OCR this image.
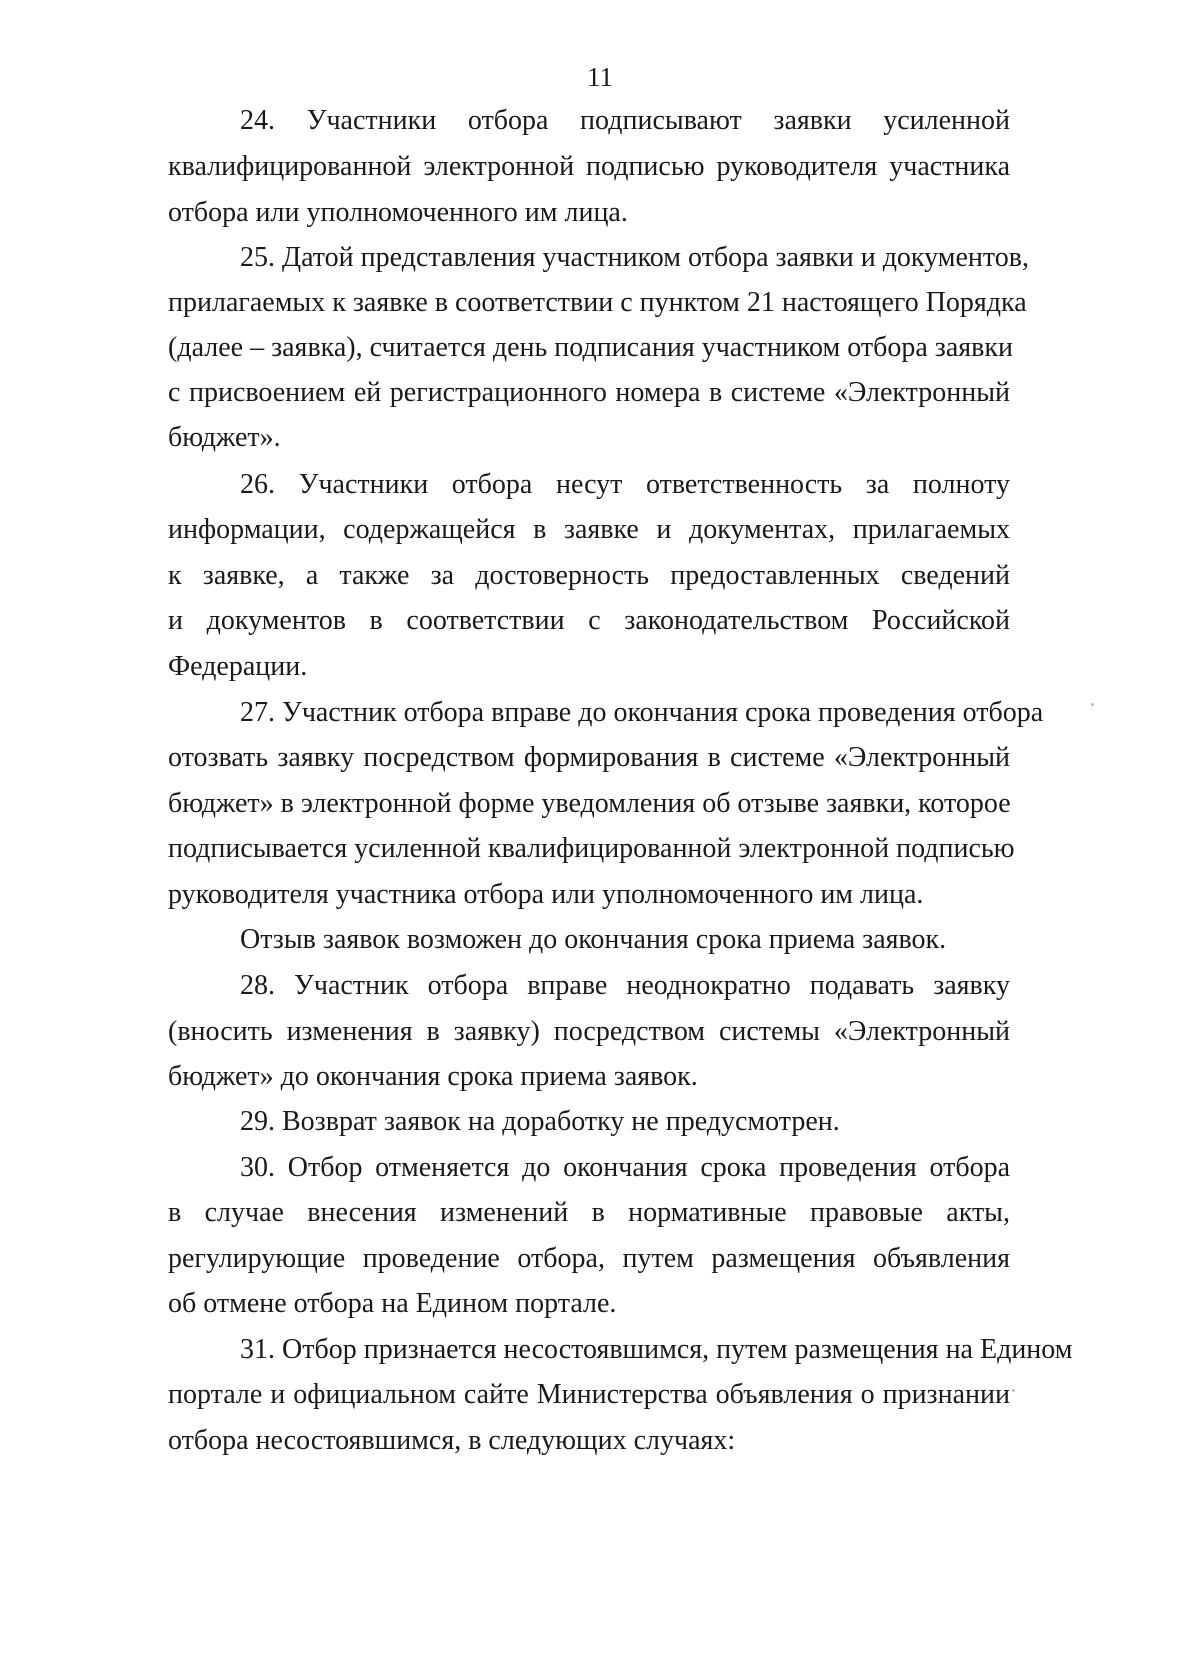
11
24. Участники отбора подписывают заявки усиленной
квалифицированной электронной подписью руководителя участника
отбора или уполномоченного им лица.
25. Датой представления участником отбора заявки и документов,
прилагаемых к заявке в соответствии с пунктом 21 настоящего Порядка
(далее – заявка), считается день подписания участником отбора заявки
с присвоением ей регистрационного номера в системе «Электронный
бюджет».
26. Участники отбора несут ответственность за полноту
информации, содержащейся в заявке и документах, прилагаемых
к заявке, а также за достоверность предоставленных сведений
и документов в соответствии с законодательством Российской
Федерации.
27. Участник отбора вправе до окончания срока проведения отбора
отозвать заявку посредством формирования в системе «Электронный
бюджет» в электронной форме уведомления об отзыве заявки, которое
подписывается усиленной квалифицированной электронной подписью
руководителя участника отбора или уполномоченного им лица.
Отзыв заявок возможен до окончания срока приема заявок.
28. Участник отбора вправе неоднократно подавать заявку
(вносить изменения в заявку) посредством системы «Электронный
бюджет» до окончания срока приема заявок.
29. Возврат заявок на доработку не предусмотрен.
30. Отбор отменяется до окончания срока проведения отбора
в случае внесения изменений в нормативные правовые акты,
регулирующие проведение отбора, путем размещения объявления
об отмене отбора на Едином портале.
31. Отбор признается несостоявшимся, путем размещения на Едином
портале и официальном сайте Министерства объявления о признании
отбора несостоявшимся, в следующих случаях:
